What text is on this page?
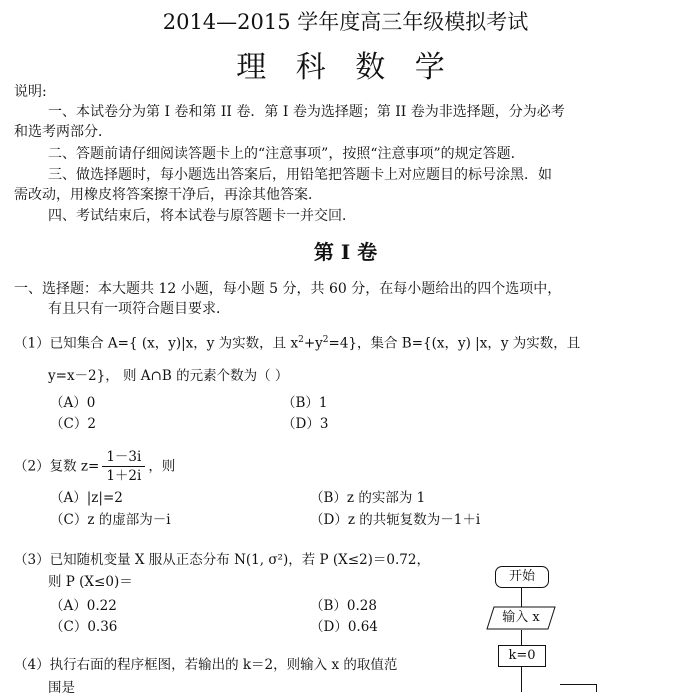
2014—2015 学年度高三年级模拟考试
理 科 数 学
说明:
一、本试卷分为第 I 卷和第 II 卷．第 I 卷为选择题；第 II 卷为非选择题，分为必考
和选考两部分．
二、答题前请仔细阅读答题卡上的“注意事项”，按照“注意事项”的规定答题．
三、做选择题时，每小题选出答案后，用铅笔把答题卡上对应题目的标号涂黑．如
需改动，用橡皮将答案擦干净后，再涂其他答案．
四、考试结束后，将本试卷与原答题卡一并交回．
第 I 卷
一、选择题：本大题共 12 小题，每小题 5 分，共 60 分，在每小题给出的四个选项中，
有且只有一项符合题目要求．
（1）已知集合 A={ (x，y)|x，y 为实数，且 $x^2+y^2=4$}，集合 B={(x，y) |x，y 为实数，且
y=x－2}， 则 A∩B 的元素个数为（ ）
（A）0	（B）1
（C）2	（D）3
（2）复数 $z= \frac{1-3i}{1+2i}$ ，则
（A）|z|=2	（B）z 的实部为 1
（C）z 的虚部为－i	（D）z 的共轭复数为－1＋i
（3）已知随机变量 X 服从正态分布 N(1, σ²)，若 P (X≤2)＝0.72，
则 P (X≤0)＝
（A）0.22	（B）0.28
（C）0.36	（D）0.64
（4）执行右面的程序框图，若输出的 k＝2，则输入 x 的取值范
围是
开始
输入 x
k=0
